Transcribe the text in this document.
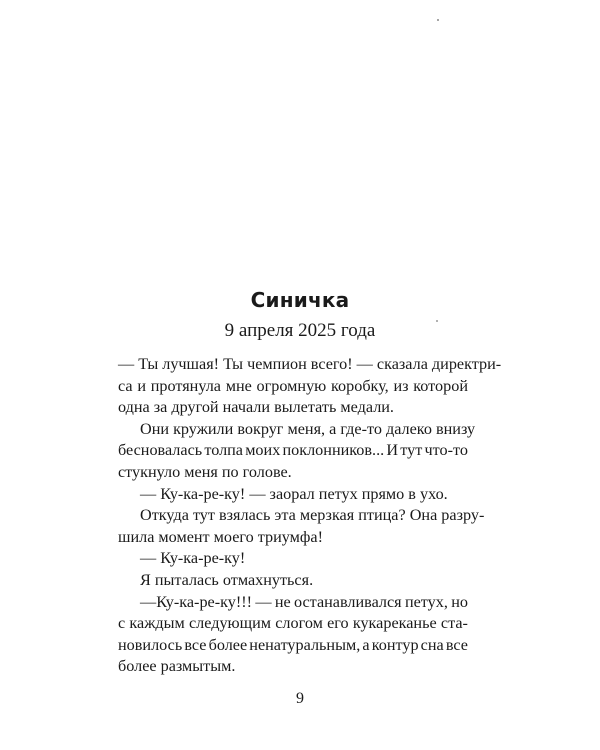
Синичка
9 апреля 2025 года
— Ты лучшая! Ты чемпион всего! — сказала директри-
са и протянула мне огромную коробку, из которой
одна за другой начали вылетать медали.
Они кружили вокруг меня, а где-то далеко внизу
бесновалась толпа моих поклонников... И тут что-то
стукнуло меня по голове.
— Ку-ка-ре-ку! — заорал петух прямо в ухо.
Откуда тут взялась эта мерзкая птица? Она разру-
шила момент моего триумфа!
— Ку-ка-ре-ку!
Я пыталась отмахнуться.
—Ку-ка-ре-ку!!! — не останавливался петух, но
с каждым следующим слогом его кукареканье ста-
новилось все более ненатуральным, а контур сна все
более размытым.
9
